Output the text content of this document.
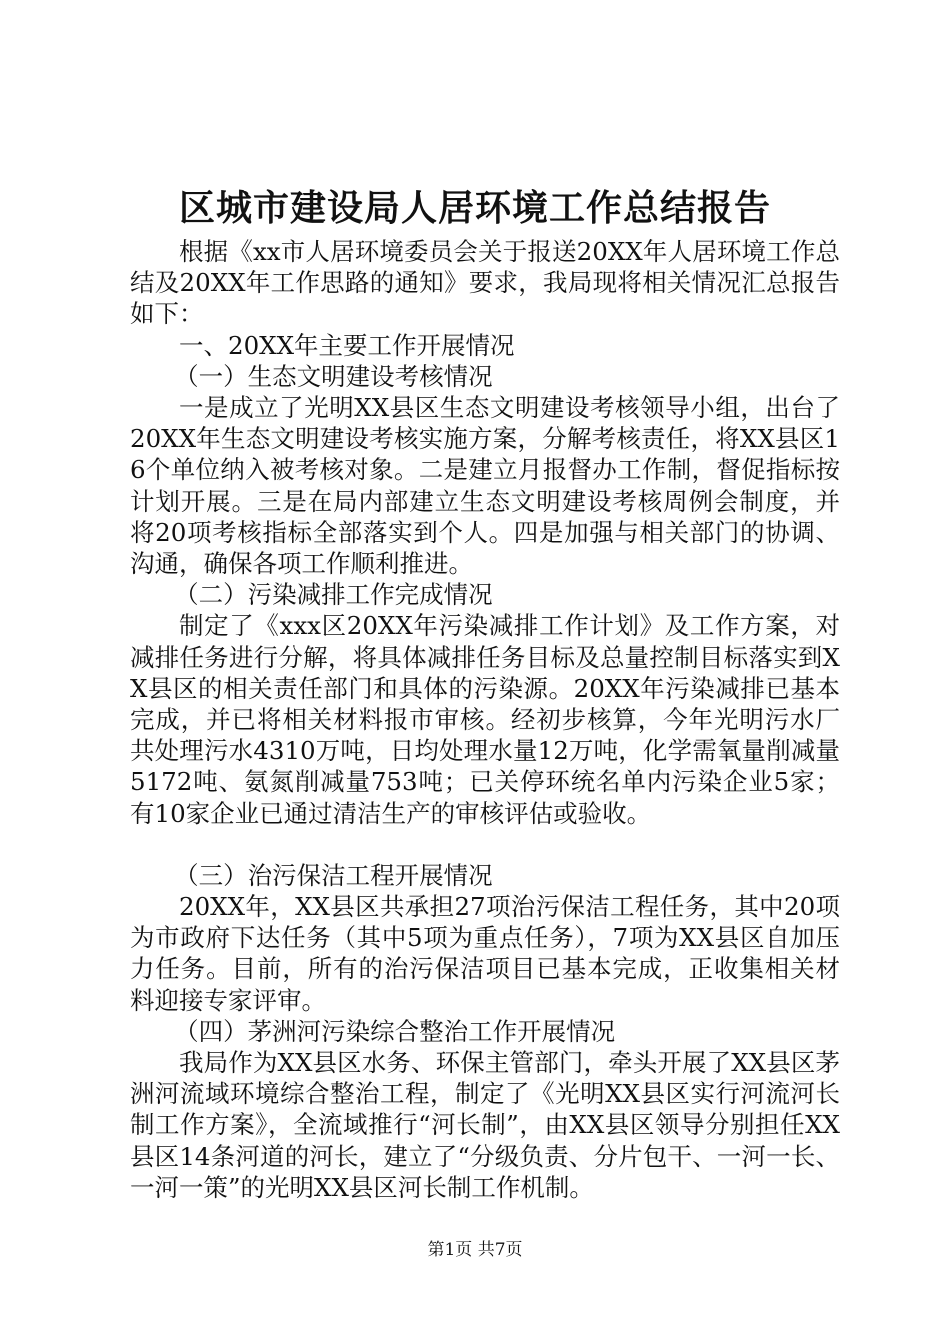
区城市建设局人居环境工作总结报告

根据《xx市人居环境委员会关于报送20XX年人居环境工作总结及20XX年工作思路的通知》要求，我局现将相关情况汇总报告如下：

一、20XX年主要工作开展情况

（一）生态文明建设考核情况

一是成立了光明XX县区生态文明建设考核领导小组，出台了20XX年生态文明建设考核实施方案，分解考核责任，将XX县区16个单位纳入被考核对象。二是建立月报督办工作制，督促指标按计划开展。三是在局内部建立生态文明建设考核周例会制度，并将20项考核指标全部落实到个人。四是加强与相关部门的协调、沟通，确保各项工作顺利推进。

（二）污染减排工作完成情况

制定了《xxx区20XX年污染减排工作计划》及工作方案，对减排任务进行分解，将具体减排任务目标及总量控制目标落实到XX县区的相关责任部门和具体的污染源。20XX年污染减排已基本完成，并已将相关材料报市审核。经初步核算，今年光明污水厂共处理污水4310万吨，日均处理水量12万吨，化学需氧量削减量5172吨、氨氮削减量753吨；已关停环统名单内污染企业5家；有10家企业已通过清洁生产的审核评估或验收。

（三）治污保洁工程开展情况

20XX年，XX县区共承担27项治污保洁工程任务，其中20项为市政府下达任务（其中5项为重点任务），7项为XX县区自加压力任务。目前，所有的治污保洁项目已基本完成，正收集相关材料迎接专家评审。

（四）茅洲河污染综合整治工作开展情况

我局作为XX县区水务、环保主管部门，牵头开展了XX县区茅洲河流域环境综合整治工程，制定了《光明XX县区实行河流河长制工作方案》，全流域推行“河长制”，由XX县区领导分别担任XX县区14条河道的河长，建立了“分级负责、分片包干、一河一长、一河一策”的光明XX县区河长制工作机制。

第1页 共7页
